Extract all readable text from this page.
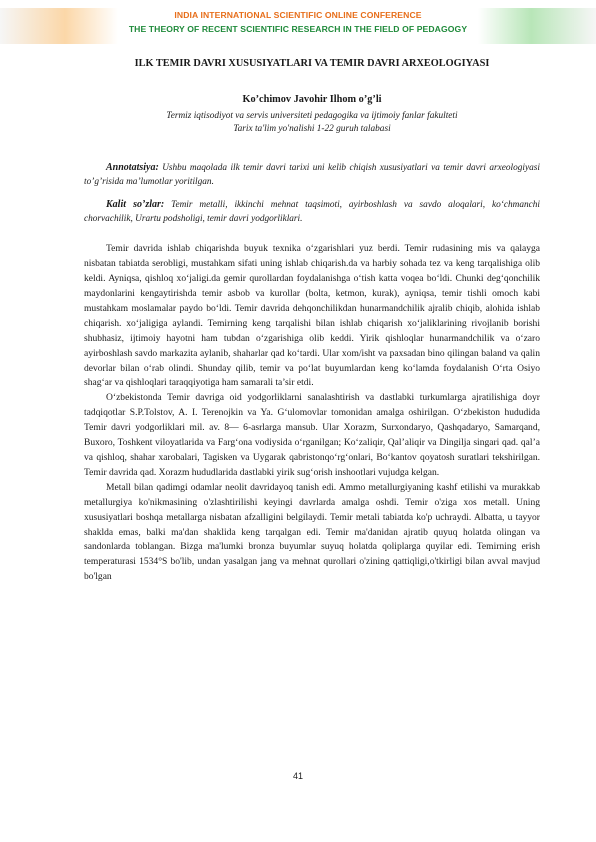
INDIA INTERNATIONAL SCIENTIFIC ONLINE CONFERENCE
THE THEORY OF RECENT SCIENTIFIC RESEARCH IN THE FIELD OF PEDAGOGY

ILK TEMIR DAVRI XUSUSIYATLARI VA TEMIR DAVRI ARXEOLOGIYASI

Ko’chimov Javohir Ilhom o’g’li
Termiz iqtisodiyot va servis universiteti pedagogika va ijtimoiy fanlar fakulteti
Tarix ta'lim yo'nalishi 1-22 guruh talabasi

Annotatsiya: Ushbu maqolada ilk temir davri tarixi uni kelib chiqish xususiyatlari va temir davri arxeologiyasi to’g’risida ma’lumotlar yoritilgan.

Kalit so’zlar: Temir metalli, ikkinchi mehnat taqsimoti, ayirboshlash va savdo aloqalari, ko‘chmanchi chorvachilik, Urartu podsholigi, temir davri yodgorliklari.

Temir davrida ishlab chiqarishda buyuk texnika o‘zgarishlari yuz berdi. Temir rudasining mis va qalayga nisbatan tabiatda serobligi, mustahkam sifati uning ishlab chiqarish.da va harbiy sohada tez va keng tarqalishiga olib keldi. Ayniqsa, qishloq xo‘jaligi.da gemir qurollardan foydalanishga o‘tish katta voqea bo‘ldi. Chunki deg‘qonchilik maydonlarini kengaytirishda temir asbob va kurollar (bolta, ketmon, kurak), ayniqsa, temir tishli omoch kabi mustahkam moslamalar paydo bo‘ldi. Temir davrida dehqonchilikdan hunarmandchilik ajralib chiqib, alohida ishlab chiqarish. xo‘jaligiga aylandi. Temirning keng tarqalishi bilan ishlab chiqarish xo‘jaliklarining rivojlanib borishi shubhasiz, ijtimoiy hayotni ham tubdan o‘zgarishiga olib keddi. Yirik qishloqlar hunarmandchilik va o‘zaro ayirboshlash savdo markazita aylanib, shaharlar qad ko‘tardi. Ular xom/isht va paxsadan bino qilingan baland va qalin devorlar bilan o‘rab olindi. Shunday qilib, temir va po‘lat buyumlardan keng ko‘lamda foydalanish O‘rta Osiyo shag‘ar va qishloqlari taraqqiyotiga ham samarali ta’sir etdi.

O‘zbekistonda Temir davriga oid yodgorliklarni sanalashtirish va dastlabki turkumlarga ajratilishiga doyr tadqiqotlar S.P.Tolstov, A. I. Terenojkin va Ya. G‘ulomovlar tomonidan amalga oshirilgan. O‘zbekiston hududida Temir davri yodgorliklari mil. av. 8— 6-asrlarga mansub. Ular Xorazm, Surxondaryo, Qashqadaryo, Samarqand, Buxoro, Toshkent viloyatlarida va Farg‘ona vodiysida o‘rganilgan; Ko‘zaliqir, Qal’aliqir va Dingilja singari qad. qal’a va qishloq, shahar xarobalari, Tagisken va Uygarak qabristonqo‘rg‘onlari, Bo‘kantov qoyatosh suratlari tekshirilgan. Temir davrida qad. Xorazm hududlarida dastlabki yirik sug‘orish inshootlari vujudga kelgan.

Metall bilan qadimgi odamlar neolit davridayoq tanish edi. Ammo metallurgiyaning kashf etilishi va murakkab metallurgiya ko'nikmasining o'zlashtirilishi keyingi davrlarda amalga oshdi. Temir o'ziga xos metall. Uning xususiyatlari boshqa metallarga nisbatan afzalligini belgilaydi. Temir metali tabiatda ko'p uchraydi. Albatta, u tayyor shaklda emas, balki ma'dan shaklida keng tarqalgan edi. Temir ma'danidan ajratib quyuq holatda olingan va sandonlarda toblangan. Bizga ma'lumki bronza buyumlar suyuq holatda qoliplarga quyilar edi. Temirning erish temperaturasi 1534°S bo'lib, undan yasalgan jang va mehnat qurollari o'zining qattiqligi,o'tkirligi bilan avval mavjud bo'lgan

41
